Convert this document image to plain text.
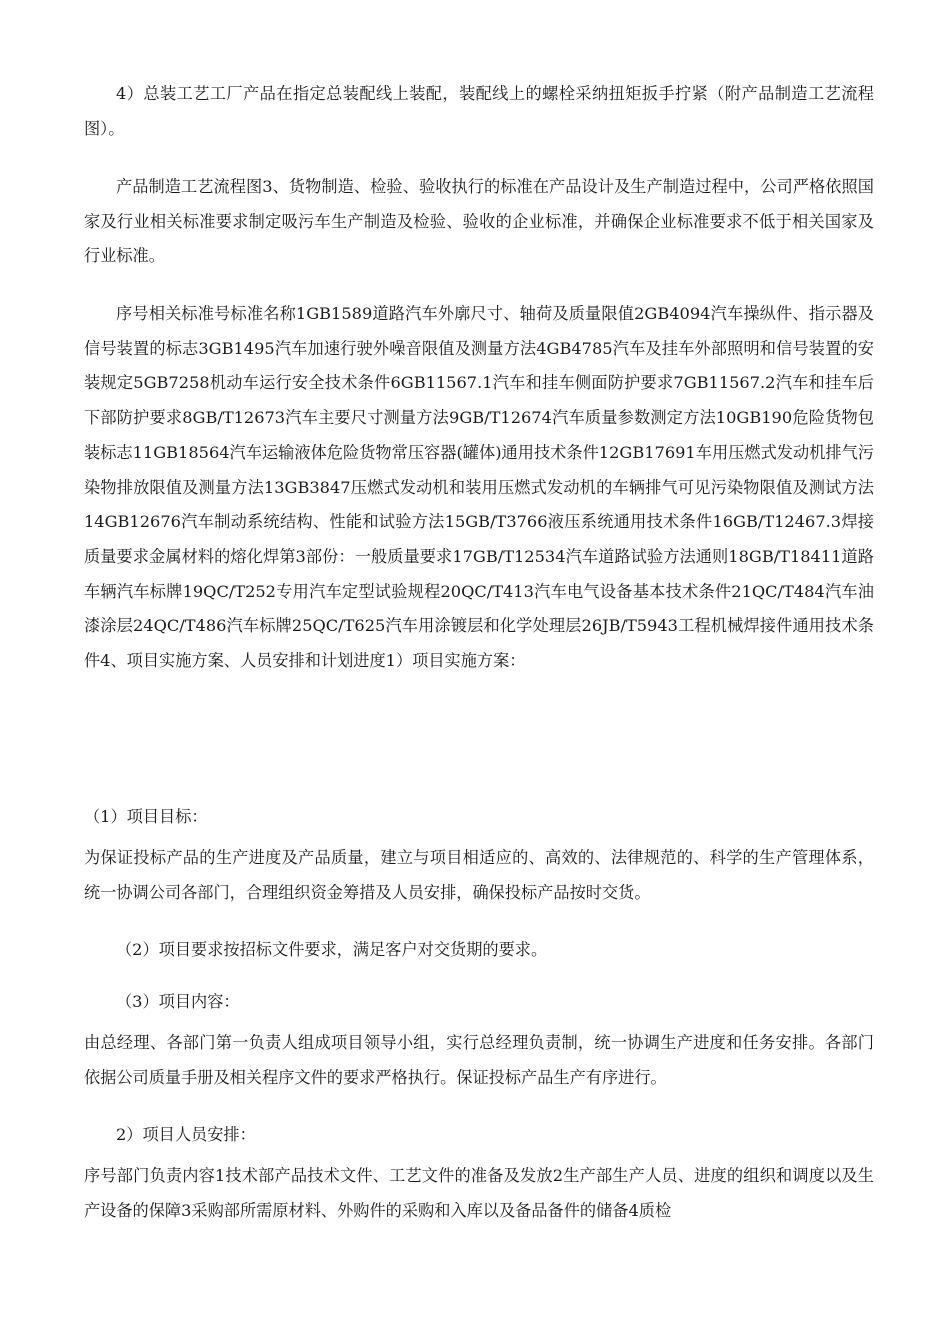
4）总装工艺工厂产品在指定总装配线上装配，装配线上的螺栓采纳扭矩扳手拧紧（附产品制造工艺流程图）。

产品制造工艺流程图3、货物制造、检验、验收执行的标准在产品设计及生产制造过程中，公司严格依照国家及行业相关标准要求制定吸污车生产制造及检验、验收的企业标准，并确保企业标准要求不低于相关国家及行业标准。

序号相关标准号标准名称1GB1589道路汽车外廓尺寸、轴荷及质量限值2GB4094汽车操纵件、指示器及信号装置的标志3GB1495汽车加速行驶外噪音限值及测量方法4GB4785汽车及挂车外部照明和信号装置的安装规定5GB7258机动车运行安全技术条件6GB11567.1汽车和挂车侧面防护要求7GB11567.2汽车和挂车后下部防护要求8GB/T12673汽车主要尺寸测量方法9GB/T12674汽车质量参数测定方法10GB190危险货物包装标志11GB18564汽车运输液体危险货物常压容器(罐体)通用技术条件12GB17691车用压燃式发动机排气污染物排放限值及测量方法13GB3847压燃式发动机和装用压燃式发动机的车辆排气可见污染物限值及测试方法14GB12676汽车制动系统结构、性能和试验方法15GB/T3766液压系统通用技术条件16GB/T12467.3焊接质量要求金属材料的熔化焊第3部份：一般质量要求17GB/T12534汽车道路试验方法通则18GB/T18411道路车辆汽车标牌19QC/T252专用汽车定型试验规程20QC/T413汽车电气设备基本技术条件21QC/T484汽车油漆涂层24QC/T486汽车标牌25QC/T625汽车用涂镀层和化学处理层26JB/T5943工程机械焊接件通用技术条件4、项目实施方案、人员安排和计划进度1）项目实施方案：

（1）项目目标：

为保证投标产品的生产进度及产品质量，建立与项目相适应的、高效的、法律规范的、科学的生产管理体系，统一协调公司各部门，合理组织资金筹措及人员安排，确保投标产品按时交货。

（2）项目要求按招标文件要求，满足客户对交货期的要求。

（3）项目内容：

由总经理、各部门第一负责人组成项目领导小组，实行总经理负责制，统一协调生产进度和任务安排。各部门依据公司质量手册及相关程序文件的要求严格执行。保证投标产品生产有序进行。

2）项目人员安排：

序号部门负责内容1技术部产品技术文件、工艺文件的准备及发放2生产部生产人员、进度的组织和调度以及生产设备的保障3采购部所需原材料、外购件的采购和入库以及备品备件的储备4质检
